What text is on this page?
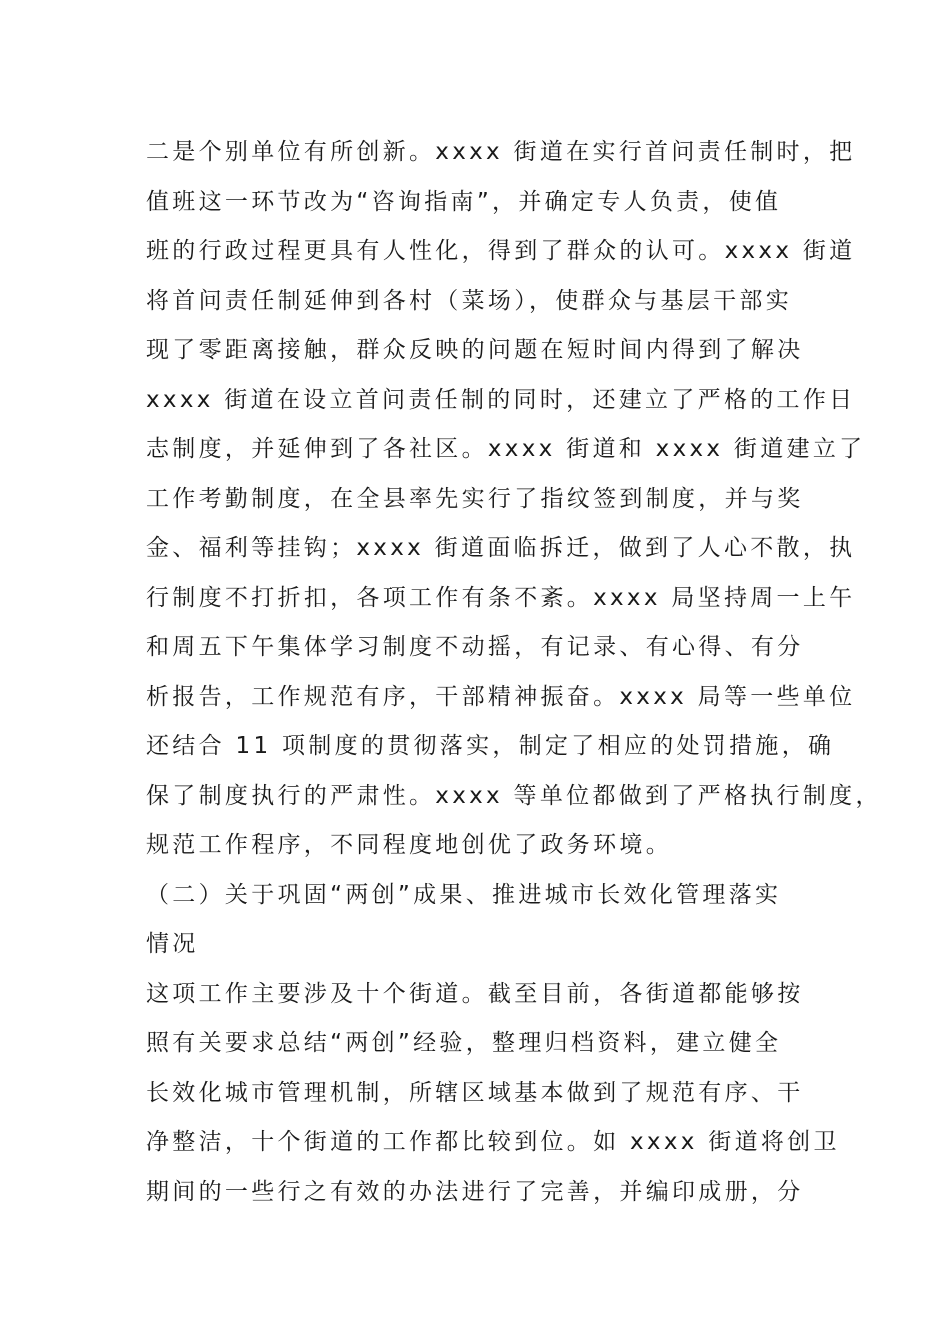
二是个别单位有所创新。xxxx 街道在实行首问责任制时，把
值班这一环节改为“咨询指南”，并确定专人负责，使值
班的行政过程更具有人性化，得到了群众的认可。xxxx 街道
将首问责任制延伸到各村（菜场），使群众与基层干部实
现了零距离接触，群众反映的问题在短时间内得到了解决
xxxx 街道在设立首问责任制的同时，还建立了严格的工作日
志制度，并延伸到了各社区。xxxx 街道和 xxxx 街道建立了
工作考勤制度，在全县率先实行了指纹签到制度，并与奖
金、福利等挂钩；xxxx 街道面临拆迁，做到了人心不散，执
行制度不打折扣，各项工作有条不紊。xxxx 局坚持周一上午
和周五下午集体学习制度不动摇，有记录、有心得、有分
析报告，工作规范有序，干部精神振奋。xxxx 局等一些单位
还结合 11 项制度的贯彻落实，制定了相应的处罚措施，确
保了制度执行的严肃性。xxxx 等单位都做到了严格执行制度，
规范工作程序，不同程度地创优了政务环境。
（二）关于巩固“两创”成果、推进城市长效化管理落实
情况
这项工作主要涉及十个街道。截至目前，各街道都能够按
照有关要求总结“两创”经验，整理归档资料，建立健全
长效化城市管理机制，所辖区域基本做到了规范有序、干
净整洁，十个街道的工作都比较到位。如 xxxx 街道将创卫
期间的一些行之有效的办法进行了完善，并编印成册，分
